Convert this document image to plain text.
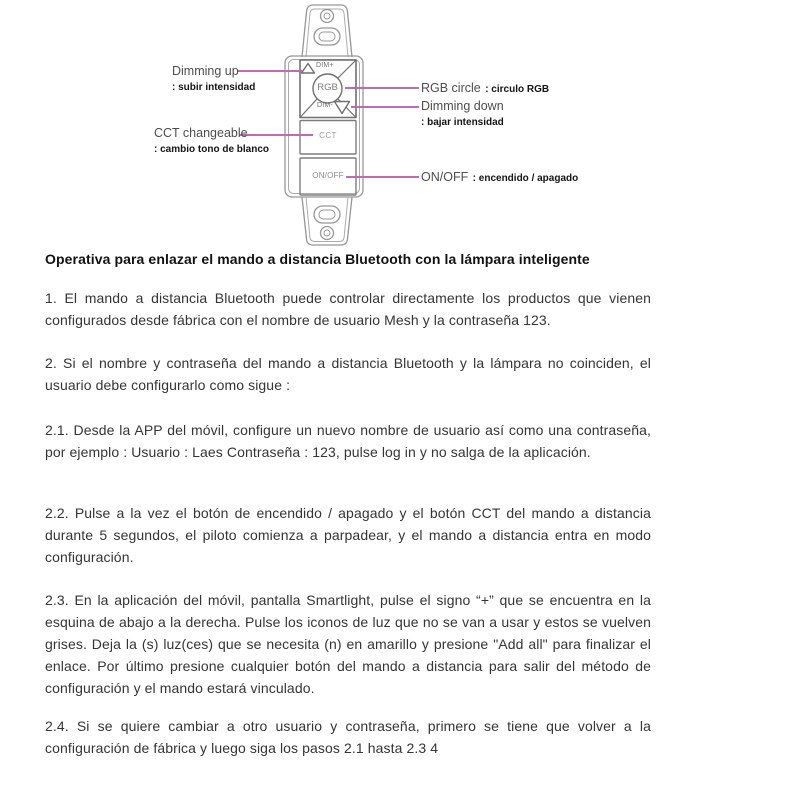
DIM+
RGB
DIM-
CCT
ON/OFF
Dimming up
: subir intensidad	RGB circle : circulo RGB
Dimming down
: bajar intensidad
CCT changeable
: cambio tono de blanco
ON/OFF : encendido / apagado
Operativa para enlazar el mando a distancia Bluetooth con la lámpara inteligente

1. El mando a distancia Bluetooth puede controlar directamente los productos que vienen configurados desde fábrica con el nombre de usuario Mesh y la contraseña 123.

2. Si el nombre y contraseña del mando a distancia Bluetooth y la lámpara no coinciden, el usuario debe configurarlo como sigue :

2.1. Desde la APP del móvil, configure un nuevo nombre de usuario así como una contraseña, por ejemplo : Usuario : Laes Contraseña : 123, pulse log in y no salga de la aplicación.

2.2. Pulse a la vez el botón de encendido / apagado y el botón CCT del mando a distancia durante 5 segundos, el piloto comienza a parpadear, y el mando a distancia entra en modo configuración.

2.3. En la aplicación del móvil, pantalla Smartlight, pulse el signo “+” que se encuentra en la esquina de abajo a la derecha. Pulse los iconos de luz que no se van a usar y estos se vuelven grises. Deja la (s) luz(ces) que se necesita (n) en amarillo y presione "Add all" para finalizar el enlace. Por último presione cualquier botón del mando a distancia para salir del método de configuración y el mando estará vinculado.

2.4. Si se quiere cambiar a otro usuario y contraseña, primero se tiene que volver a la configuración de fábrica y luego siga los pasos 2.1 hasta 2.3 4
